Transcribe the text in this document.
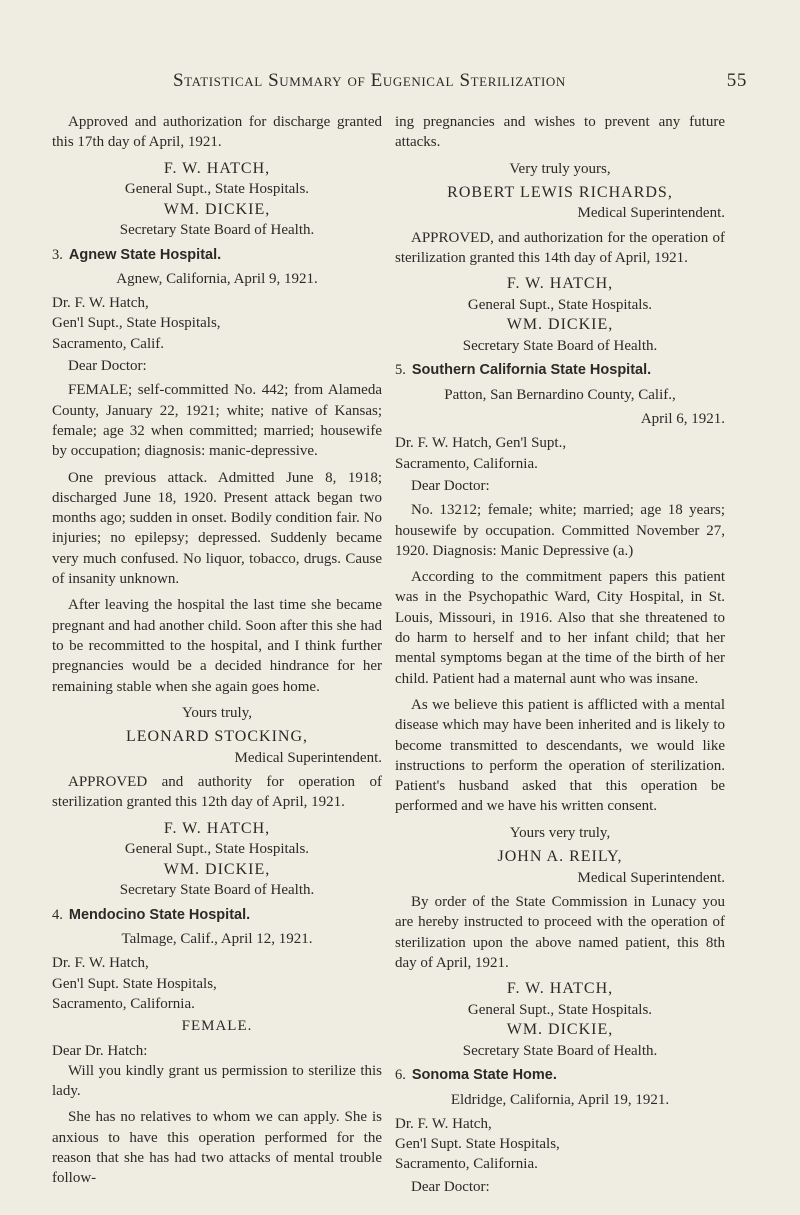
Statistical Summary of Eugenical Sterilization	55

Approved and authorization for discharge granted this 17th day of April, 1921.

F. W. HATCH,
General Supt., State Hospitals.
WM. DICKIE,
Secretary State Board of Health.
3. Agnew State Hospital.
Agnew, California, April 9, 1921.

Dr. F. W. Hatch,

Gen'l Supt., State Hospitals,

Sacramento, Calif.

Dear Doctor:

FEMALE; self-committed No. 442; from Alameda County, January 22, 1921; white; native of Kansas; female; age 32 when committed; married; housewife by occupation; diagnosis: manic-depressive.

One previous attack. Admitted June 8, 1918; discharged June 18, 1920. Present attack began two months ago; sudden in onset. Bodily condition fair. No injuries; no epilepsy; depressed. Suddenly became very much confused. No liquor, tobacco, drugs. Cause of insanity unknown.

After leaving the hospital the last time she became pregnant and had another child. Soon after this she had to be recommitted to the hospital, and I think further pregnancies would be a decided hindrance for her remaining stable when she again goes home.

Yours truly,
LEONARD STOCKING,
Medical Superintendent.

APPROVED and authority for operation of sterilization granted this 12th day of April, 1921.

F. W. HATCH,
General Supt., State Hospitals.
WM. DICKIE,
Secretary State Board of Health.
4. Mendocino State Hospital.
Talmage, Calif., April 12, 1921.

Dr. F. W. Hatch,

Gen'l Supt. State Hospitals,

Sacramento, California.

FEMALE.

Dear Dr. Hatch:

Will you kindly grant us permission to sterilize this lady.

She has no relatives to whom we can apply. She is anxious to have this operation performed for the reason that she has had two attacks of mental trouble follow-

ing pregnancies and wishes to prevent any future attacks.

Very truly yours,
ROBERT LEWIS RICHARDS,
Medical Superintendent.

APPROVED, and authorization for the operation of sterilization granted this 14th day of April, 1921.

F. W. HATCH,
General Supt., State Hospitals.
WM. DICKIE,
Secretary State Board of Health.
5. Southern California State Hospital.
Patton, San Bernardino County, Calif.,
April 6, 1921.

Dr. F. W. Hatch, Gen'l Supt.,

Sacramento, California.

Dear Doctor:

No. 13212; female; white; married; age 18 years; housewife by occupation. Committed November 27, 1920. Diagnosis: Manic Depressive (a.)

According to the commitment papers this patient was in the Psychopathic Ward, City Hospital, in St. Louis, Missouri, in 1916. Also that she threatened to do harm to herself and to her infant child; that her mental symptoms began at the time of the birth of her child. Patient had a maternal aunt who was insane.

As we believe this patient is afflicted with a mental disease which may have been inherited and is likely to become transmitted to descendants, we would like instructions to perform the operation of sterilization. Patient's husband asked that this operation be performed and we have his written consent.

Yours very truly,
JOHN A. REILY,
Medical Superintendent.

By order of the State Commission in Lunacy you are hereby instructed to proceed with the operation of sterilization upon the above named patient, this 8th day of April, 1921.

F. W. HATCH,
General Supt., State Hospitals.
WM. DICKIE,
Secretary State Board of Health.
6. Sonoma State Home.
Eldridge, California, April 19, 1921.

Dr. F. W. Hatch,

Gen'l Supt. State Hospitals,

Sacramento, California.

Dear Doctor:
